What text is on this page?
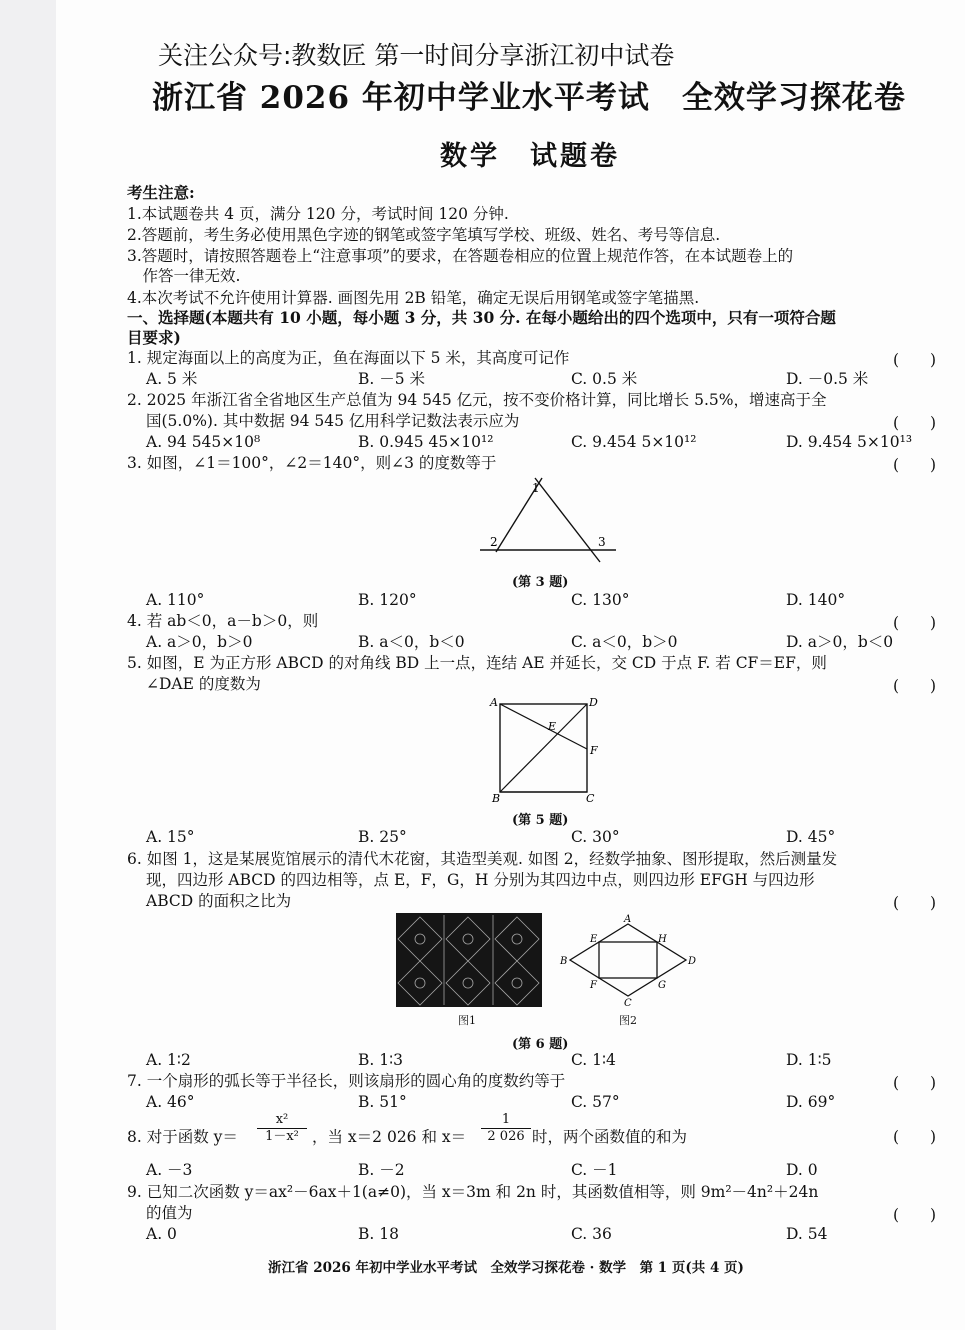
关注公众号:教数匠 第一时间分享浙江初中试卷
浙江省 2026 年初中学业水平考试　全效学习探花卷
数学　试题卷
考生注意:
1.本试题卷共 4 页，满分 120 分，考试时间 120 分钟.
2.答题前，考生务必使用黑色字迹的钢笔或签字笔填写学校、班级、姓名、考号等信息.
3.答题时，请按照答题卷上“注意事项”的要求，在答题卷相应的位置上规范作答，在本试题卷上的
　作答一律无效.
4.本次考试不允许使用计算器. 画图先用 2B 铅笔，确定无误后用钢笔或签字笔描黑.
一、选择题(本题共有 10 小题，每小题 3 分，共 30 分. 在每小题给出的四个选项中，只有一项符合题
目要求)
1. 规定海面以上的高度为正，鱼在海面以下 5 米，其高度可记作	(　　)
A. 5 米	B. －5 米	C. 0.5 米	D. －0.5 米
2. 2025 年浙江省全省地区生产总值为 94 545 亿元，按不变价格计算，同比增长 5.5%，增速高于全
国(5.0%). 其中数据 94 545 亿用科学记数法表示应为	(　　)
A. 94 545×10⁸	B. 0.945 45×10¹²	C. 9.454 5×10¹²	D. 9.454 5×10¹³
3. 如图，∠1＝100°，∠2＝140°，则∠3 的度数等于	(　　)
1
2	3
(第 3 题)
A. 110°	B. 120°	C. 130°	D. 140°
4. 若 ab＜0，a－b＞0，则	(　　)
A. a＞0，b＞0	B. a＜0，b＜0	C. a＜0，b＞0	D. a＞0，b＜0
5. 如图，E 为正方形 ABCD 的对角线 BD 上一点，连结 AE 并延长，交 CD 于点 F. 若 CF＝EF，则
∠DAE 的度数为	(　　)
A	D
E
F
B	C
(第 5 题)
A. 15°	B. 25°	C. 30°	D. 45°
6. 如图 1，这是某展览馆展示的清代木花窗，其造型美观. 如图 2，经数学抽象、图形提取，然后测量发
现，四边形 ABCD 的四边相等，点 E，F，G，H 分别为其四边中点，则四边形 EFGH 与四边形
ABCD 的面积之比为	(　　)
图1
A
E	H
B	D
F	G
C
图2
(第 6 题)
A. 1∶2	B. 1∶3	C. 1∶4	D. 1∶5
7. 一个扇形的弧长等于半径长，则该扇形的圆心角的度数约等于	(　　)
A. 46°	B. 51°	C. 57°	D. 69°
8. 对于函数 $y= \frac{\text{x²}}{\text{1－x²}}$ ，当 x＝2 026 和 $x= \frac{1}{2 026}$ 时，两个函数值的和为	(　　)
A. －3	B. －2	C. －1	D. 0
9. 已知二次函数 y＝ax²－6ax＋1(a≠0)，当 x＝3m 和 2n 时，其函数值相等，则 9m²－4n²＋24n
的值为	(　　)
A. 0	B. 18	C. 36	D. 54
浙江省 2026 年初中学业水平考试　全效学习探花卷 · 数学　第 1 页(共 4 页)
